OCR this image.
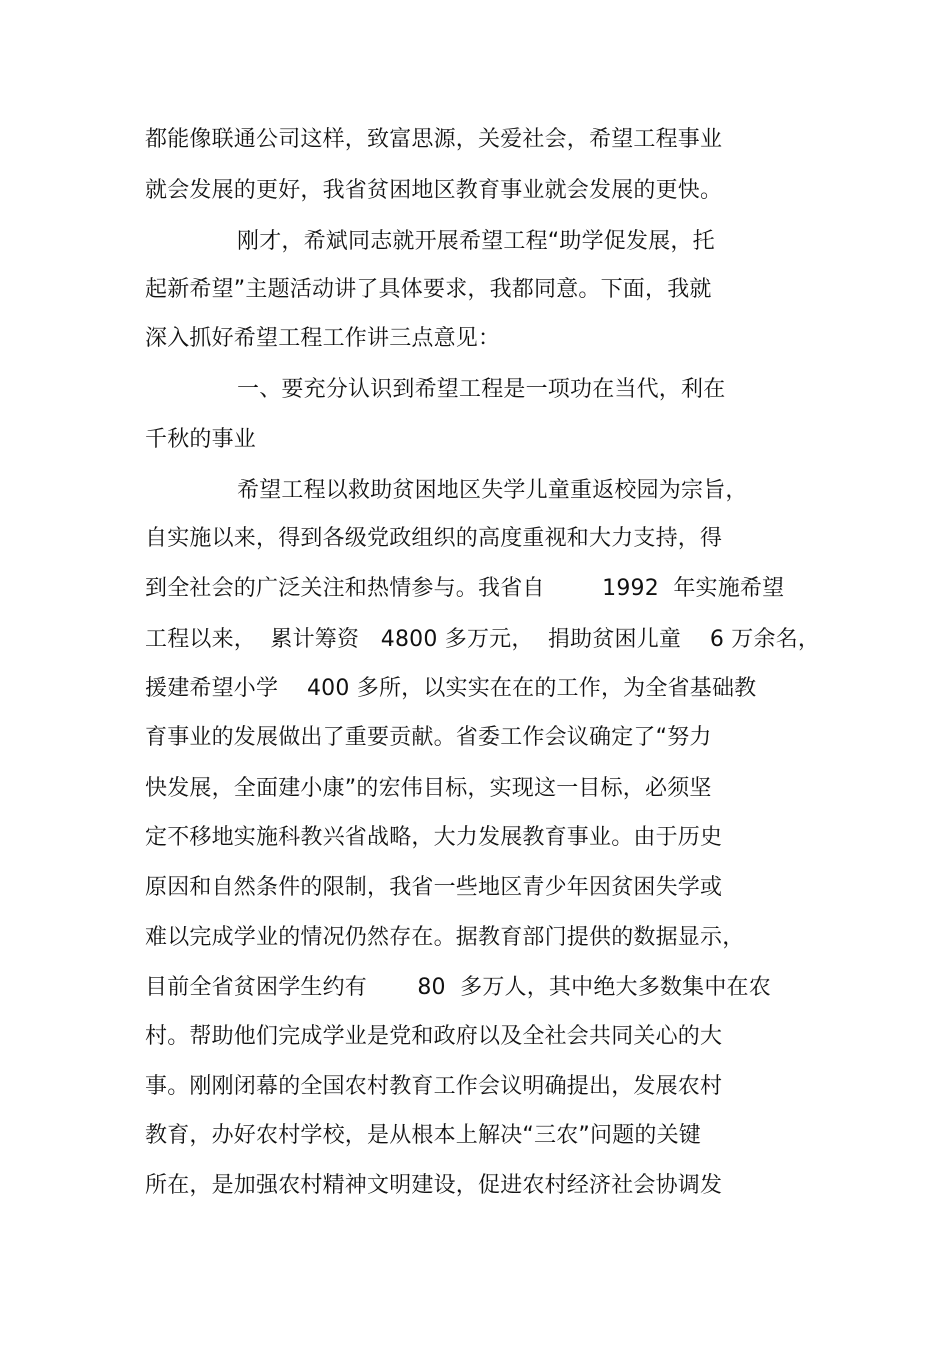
都能像联通公司这样，致富思源，关爱社会，希望工程事业
就会发展的更好，我省贫困地区教育事业就会发展的更快。
刚才，希斌同志就开展希望工程“助学促发展，托
起新希望”主题活动讲了具体要求，我都同意。下面，我就
深入抓好希望工程工作讲三点意见：
一、要充分认识到希望工程是一项功在当代，利在
千秋的事业
希望工程以救助贫困地区失学儿童重返校园为宗旨，
自实施以来，得到各级党政组织的高度重视和大力支持，得
到全社会的广泛关注和热情参与。我省自        1992  年实施希望
工程以来，  累计筹资   4800 多万元，  捐助贫困儿童    6 万余名，
援建希望小学    400 多所，以实实在在的工作，为全省基础教
育事业的发展做出了重要贡献。省委工作会议确定了“努力
快发展，全面建小康”的宏伟目标，实现这一目标，必须坚
定不移地实施科教兴省战略，大力发展教育事业。由于历史
原因和自然条件的限制，我省一些地区青少年因贫困失学或
难以完成学业的情况仍然存在。据教育部门提供的数据显示，
目前全省贫困学生约有       80  多万人，其中绝大多数集中在农
村。帮助他们完成学业是党和政府以及全社会共同关心的大
事。刚刚闭幕的全国农村教育工作会议明确提出，发展农村
教育，办好农村学校，是从根本上解决“三农”问题的关键
所在，是加强农村精神文明建设，促进农村经济社会协调发
